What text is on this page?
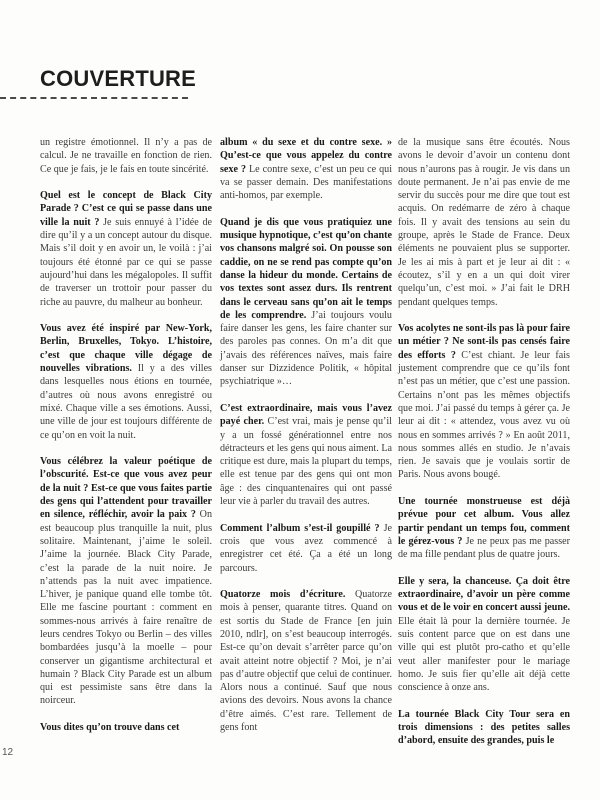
COUVERTURE

un registre émotionnel. Il n’y a pas de calcul. Je ne travaille en fonction de rien. Ce que je fais, je le fais en toute sincérité.

Quel est le concept de Black City Parade ? C’est ce qui se passe dans une ville la nuit ? Je suis ennuyé à l’idée de dire qu’il y a un concept autour du disque. Mais s’il doit y en avoir un, le voilà : j’ai toujours été étonné par ce qui se passe aujourd’hui dans les mégalopoles. Il suffit de traverser un trottoir pour passer du riche au pauvre, du malheur au bonheur.

Vous avez été inspiré par New-York, Berlin, Bruxelles, Tokyo. L’histoire, c’est que chaque ville dégage de nouvelles vibrations. Il y a des villes dans lesquelles nous étions en tournée, d’autres où nous avons enregistré ou mixé. Chaque ville a ses émotions. Aussi, une ville de jour est toujours différente de ce qu’on en voit la nuit.

Vous célébrez la valeur poétique de l’obscurité. Est-ce que vous avez peur de la nuit ? Est-ce que vous faites partie des gens qui l’attendent pour travailler en silence, réfléchir, avoir la paix ? On est beaucoup plus tranquille la nuit, plus solitaire. Maintenant, j’aime le soleil. J’aime la journée. Black City Parade, c’est la parade de la nuit noire. Je n’attends pas la nuit avec impatience. L’hiver, je panique quand elle tombe tôt. Elle me fascine pourtant : comment en sommes-nous arrivés à faire renaître de leurs cendres Tokyo ou Berlin – des villes bombardées jusqu’à la moelle – pour conserver un gigantisme architectural et humain ? Black City Parade est un album qui est pessimiste sans être dans la noirceur.

Vous dites qu’on trouve dans cet

album « du sexe et du contre sexe. » Qu’est-ce que vous appelez du contre sexe ? Le contre sexe, c’est un peu ce qui va se passer demain. Des manifestations anti-homos, par exemple.

Quand je dis que vous pratiquiez une musique hypnotique, c’est qu’on chante vos chansons malgré soi. On pousse son caddie, on ne se rend pas compte qu’on danse la hideur du monde. Certains de vos textes sont assez durs. Ils rentrent dans le cerveau sans qu’on ait le temps de les comprendre. J’ai toujours voulu faire danser les gens, les faire chanter sur des paroles pas connes. On m’a dit que j’avais des références naïves, mais faire danser sur Dizzidence Politik, « hôpital psychiatrique »…

C’est extraordinaire, mais vous l’avez payé cher. C’est vrai, mais je pense qu’il y a un fossé générationnel entre nos détracteurs et les gens qui nous aiment. La critique est dure, mais la plupart du temps, elle est tenue par des gens qui ont mon âge : des cinquantenaires qui ont passé leur vie à parler du travail des autres.

Comment l’album s’est-il goupillé ? Je crois que vous avez commencé à enregistrer cet été. Ça a été un long parcours.

Quatorze mois d’écriture. Quatorze mois à penser, quarante titres. Quand on est sortis du Stade de France [en juin 2010, ndlr], on s’est beaucoup interrogés. Est-ce qu’on devait s’arrêter parce qu’on avait atteint notre objectif ? Moi, je n’ai pas d’autre objectif que celui de continuer. Alors nous a continué. Sauf que nous avions des devoirs. Nous avons la chance d’être aimés. C’est rare. Tellement de gens font

de la musique sans être écoutés. Nous avons le devoir d’avoir un contenu dont nous n’aurons pas à rougir. Je vis dans un doute permanent. Je n’ai pas envie de me servir du succès pour me dire que tout est acquis. On redémarre de zéro à chaque fois. Il y avait des tensions au sein du groupe, après le Stade de France. Deux éléments ne pouvaient plus se supporter. Je les ai mis à part et je leur ai dit : « écoutez, s’il y en a un qui doit virer quelqu’un, c’est moi. » J’ai fait le DRH pendant quelques temps.

Vos acolytes ne sont-ils pas là pour faire un métier ? Ne sont-ils pas censés faire des efforts ? C’est chiant. Je leur fais justement comprendre que ce qu’ils font n’est pas un métier, que c’est une passion. Certains n’ont pas les mêmes objectifs que moi. J’ai passé du temps à gérer ça. Je leur ai dit : « attendez, vous avez vu où nous en sommes arrivés ? » En août 2011, nous sommes allés en studio. Je n’avais rien. Je savais que je voulais sortir de Paris. Nous avons bougé.

Une tournée monstrueuse est déjà prévue pour cet album. Vous allez partir pendant un temps fou, comment le gérez-vous ? Je ne peux pas me passer de ma fille pendant plus de quatre jours.

Elle y sera, la chanceuse. Ça doit être extraordinaire, d’avoir un père comme vous et de le voir en concert aussi jeune. Elle était là pour la dernière tournée. Je suis content parce que on est dans une ville qui est plutôt pro-catho et qu’elle veut aller manifester pour le mariage homo. Je suis fier qu’elle ait déjà cette conscience à onze ans.

La tournée Black City Tour sera en trois dimensions : des petites salles d’abord, ensuite des grandes, puis le

12
